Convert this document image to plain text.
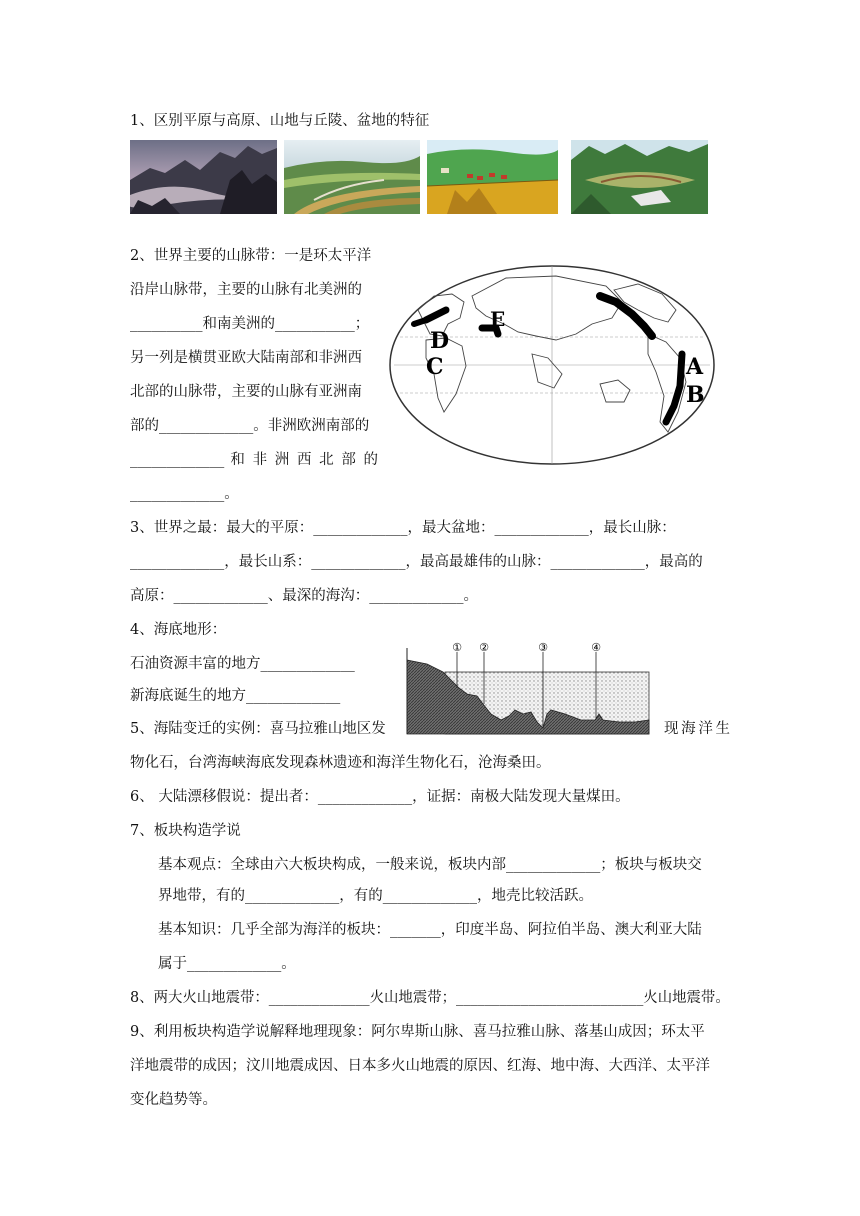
1、区别平原与高原、山地与丘陵、盆地的特征
2、世界主要的山脉带：一是环太平洋
沿岸山脉带，主要的山脉有北美洲的
__________和南美洲的___________；
另一列是横贯亚欧大陆南部和非洲西
北部的山脉带，主要的山脉有亚洲南
部的_____________。非洲欧洲南部的
_____________ 和 非 洲 西 北 部 的
_____________。
D
C
E
A
B
3、世界之最：最大的平原：_____________，最大盆地：_____________，最长山脉：
_____________，最长山系：_____________，最高最雄伟的山脉：_____________，最高的
高原：_____________、最深的海沟：_____________。
4、海底地形：
石油资源丰富的地方_____________
新海底诞生的地方_____________
① ②	③	④
5、海陆变迁的实例：喜马拉雅山地区发	现海洋生
物化石，台湾海峡海底发现森林遗迹和海洋生物化石，沧海桑田。
6、 大陆漂移假说：提出者：_____________，证据：南极大陆发现大量煤田。
7、板块构造学说
基本观点：全球由六大板块构成，一般来说，板块内部_____________；板块与板块交
界地带，有的_____________，有的_____________，地壳比较活跃。
基本知识：几乎全部为海洋的板块：_______，印度半岛、阿拉伯半岛、澳大利亚大陆
属于_____________。
8、两大火山地震带：______________火山地震带；__________________________火山地震带。
9、利用板块构造学说解释地理现象：阿尔卑斯山脉、喜马拉雅山脉、落基山成因；环太平
洋地震带的成因；汶川地震成因、日本多火山地震的原因、红海、地中海、大西洋、太平洋
变化趋势等。
